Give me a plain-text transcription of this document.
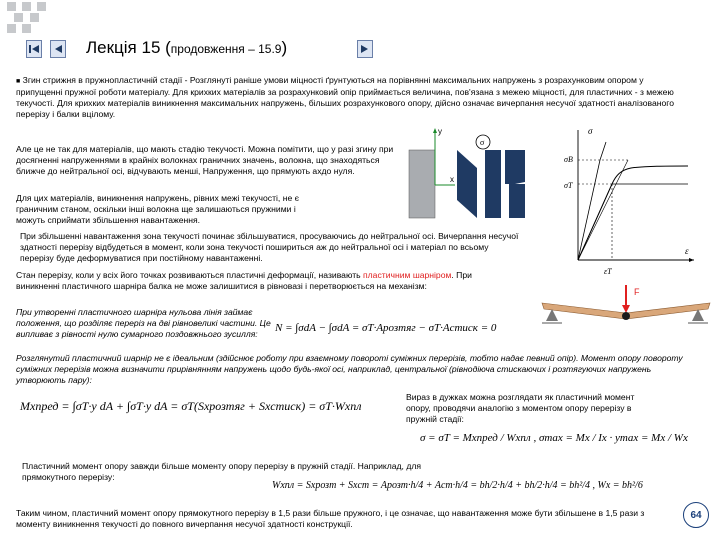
Лекція 15 (продовження – 15.9)
■ Згин стрижня в пружнопластичній стадії - Розглянуті раніше умови міцності ґрунтуються на порівнянні максимальних напружень з розрахунковим опором у припущенні пружної роботи матеріалу. Для крихких матеріалів за розрахунковий опір приймається величина, пов'язана з межею міцності, для пластичних - з межею текучості. Для крихких матеріалів виникнення максимальних напружень, більших розрахункового опору, дійсно означає вичерпання несучої здатності аналізованого перерізу і балки вцілому.
Але це не так для матеріалів, що мають стадію текучості. Можна помітити, що у разі згину при досягненні напруженнями в крайніх волокнах граничних значень, волокна, що знаходяться ближче до нейтральної осі, відчувають менші, Напруження, що прямують ахдо нуля.
Для цих матеріалів, виникнення напружень, рівних межі текучості, не є граничним станом, оскільки інші волокна ще залишаються пружними і можуть сприймати збільшення навантаження.
При збільшенні навантаження зона текучості починає збільшуватися, просуваючись до нейтральної осі. Вичерпання несучої здатності перерізу відбудеться в момент, коли зона текучості пошириться аж до нейтральної осі і матеріал по всьому перерізу буде деформуватися при постійному навантаженні.
Стан перерізу, коли у всіх його точках розвиваються пластичні деформації, називають пластичним шарніром. При виникненні пластичного шарніра балка не може залишитися в рівновазі і перетворюється на механізм:
При утворенні пластичного шарніра нульова лінія займає положення, що розділяє переріз на дві рівновеликі частини. Це випливає з рівності нулю сумарного поздовжнього зусилля:	N = ∫σdA − ∫σdA = σT·Aрозтяг − σT·Aстиск = 0
Розглянутий пластичний шарнір не є ідеальним (здійснює роботу при взаємному повороті суміжних перерізів, тобто надає певний опір). Момент опору повороту суміжних перерізів можна визначити прирівнянням напружень щодо будь-якої осі, наприклад, центральної (рівнодіюча стискаючих і розтягуючих напружень утворюють пару):
Mxпред = ∫σT·y dA + ∫σT·y dA = σT(Sxрозтяг + Sxстиск) = σT·Wxпл
Вираз в дужках можна розглядати як пластичний момент опору, проводячи аналогію з моментом опору перерізу в пружній стадії:
σ = σT = Mxпред / Wxпл , σmax = Mx / Ix · ymax = Mx / Wx
Пластичний момент опору завжди більше моменту опору перерізу в пружній стадії. Наприклад, для прямокутного перерізу:
Wxпл = Sxрозт + Sxст = Aрозт·h/4 + Aст·h/4 = bh/2·h/4 + bh/2·h/4 = bh²/4 , Wx = bh²/6
Таким чином, пластичний момент опору прямокутного перерізу в 1,5 рази більше пружного, і це означає, що навантаження може бути збільшене в 1,5 рази з моменту виникнення текучості до повного вичерпання несучої здатності конструкції.
64
y
x
σ
σ
σB
σT
ε
εT
F
